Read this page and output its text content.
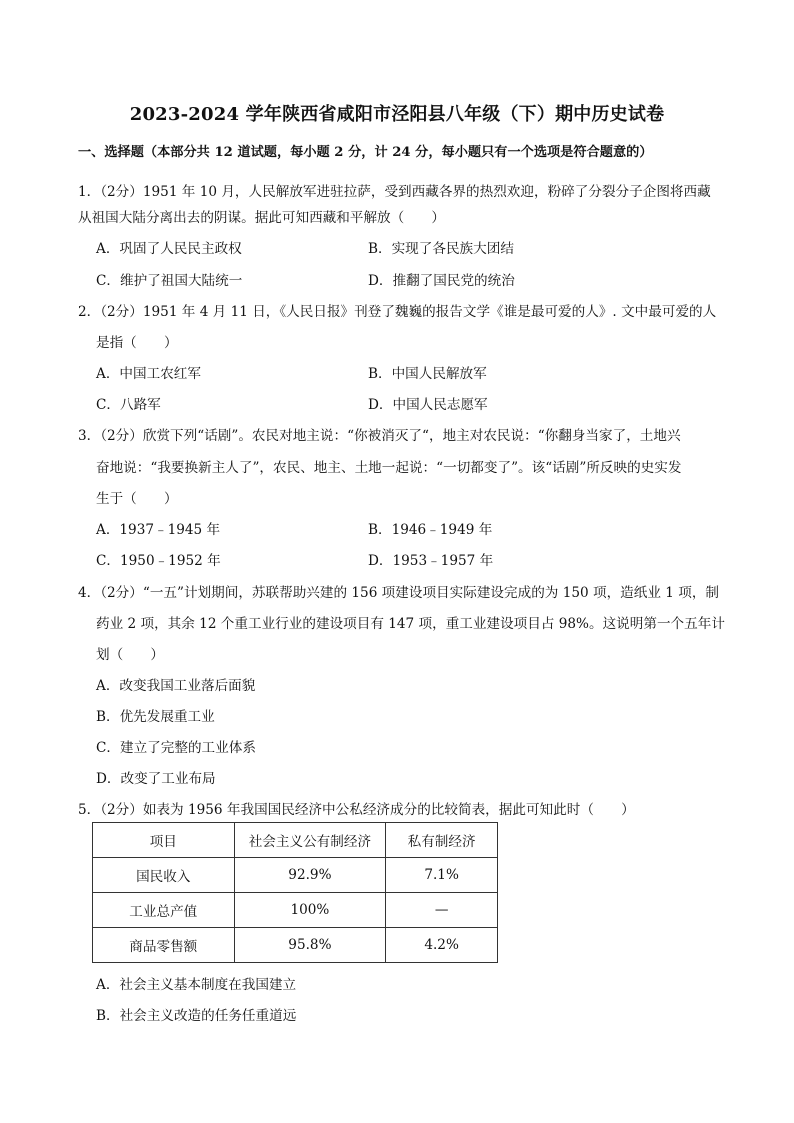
2023-2024 学年陕西省咸阳市泾阳县八年级（下）期中历史试卷
一、选择题（本部分共 12 道试题，每小题 2 分，计 24 分，每小题只有一个选项是符合题意的）
1．（2分）1951 年 10 月，人民解放军进驻拉萨，受到西藏各界的热烈欢迎，粉碎了分裂分子企图将西藏
从祖国大陆分离出去的阴谋。据此可知西藏和平解放（　　）
A．巩固了人民民主政权	B．实现了各民族大团结
C．维护了祖国大陆统一	D．推翻了国民党的统治
2．（2分）1951 年 4 月 11 日，《人民日报》刊登了魏巍的报告文学《谁是最可爱的人》. 文中最可爱的人
是指（　　）
A．中国工农红军	B．中国人民解放军
C．八路军	D．中国人民志愿军
3．（2分）欣赏下列“话剧”。农民对地主说：“你被消灭了“，地主对农民说：“你翻身当家了，土地兴
奋地说：“我要换新主人了”，农民、地主、土地一起说：“一切都变了”。该“话剧”所反映的史实发
生于（　　）
A．1937﹣1945 年	B．1946﹣1949 年
C．1950﹣1952 年	D．1953﹣1957 年
4．（2分）“一五”计划期间，苏联帮助兴建的 156 项建设项目实际建设完成的为 150 项，造纸业 1 项，制
药业 2 项，其余 12 个重工业行业的建设项目有 147 项，重工业建设项目占 98%。这说明第一个五年计
划（　　）
A．改变我国工业落后面貌
B．优先发展重工业
C．建立了完整的工业体系
D．改变了工业布局
5．（2分）如表为 1956 年我国国民经济中公私经济成分的比较简表，据此可知此时（　　）
项目	社会主义公有制经济	私有制经济
国民收入	92.9%	7.1%
工业总产值	100%	—
商品零售额	95.8%	4.2%
A．社会主义基本制度在我国建立
B．社会主义改造的任务任重道远
